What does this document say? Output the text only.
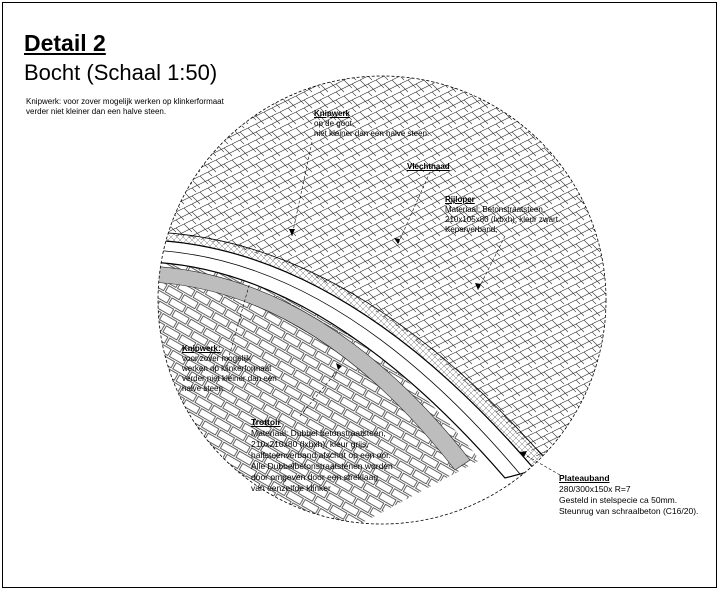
Detail 2
Bocht (Schaal 1:50)
Knipwerk: voor zover mogelijk werken op klinkerformaat
verder niet kleiner dan een halve steen.	Knipwerk
op de goot,
niet kleiner dan een halve steen.
Vlechtnaad
Rijloper
Materiaal: Betonstraatsteen,
210x105x80 (lxbxh), kleur zwart.
Keperverband,
Knipwerk:
voor zover mogelijk
werken op klinkerformaat
verder niet kleiner dan een
halve steen.
Trottoir
Materiaal: Dubbel betonstraatsteen,
210x210x80 (lxbxh), kleur grijs,
halfsteenverband afschot op een oor.
Alle Dubbelbetonstraatstenen worden
door omgeven door een streklaag
van eenzelfde klinker
Plateauband
280/300x150x R=7
Gesteld in stelspecie ca 50mm.
Steunrug van schraalbeton (C16/20).
